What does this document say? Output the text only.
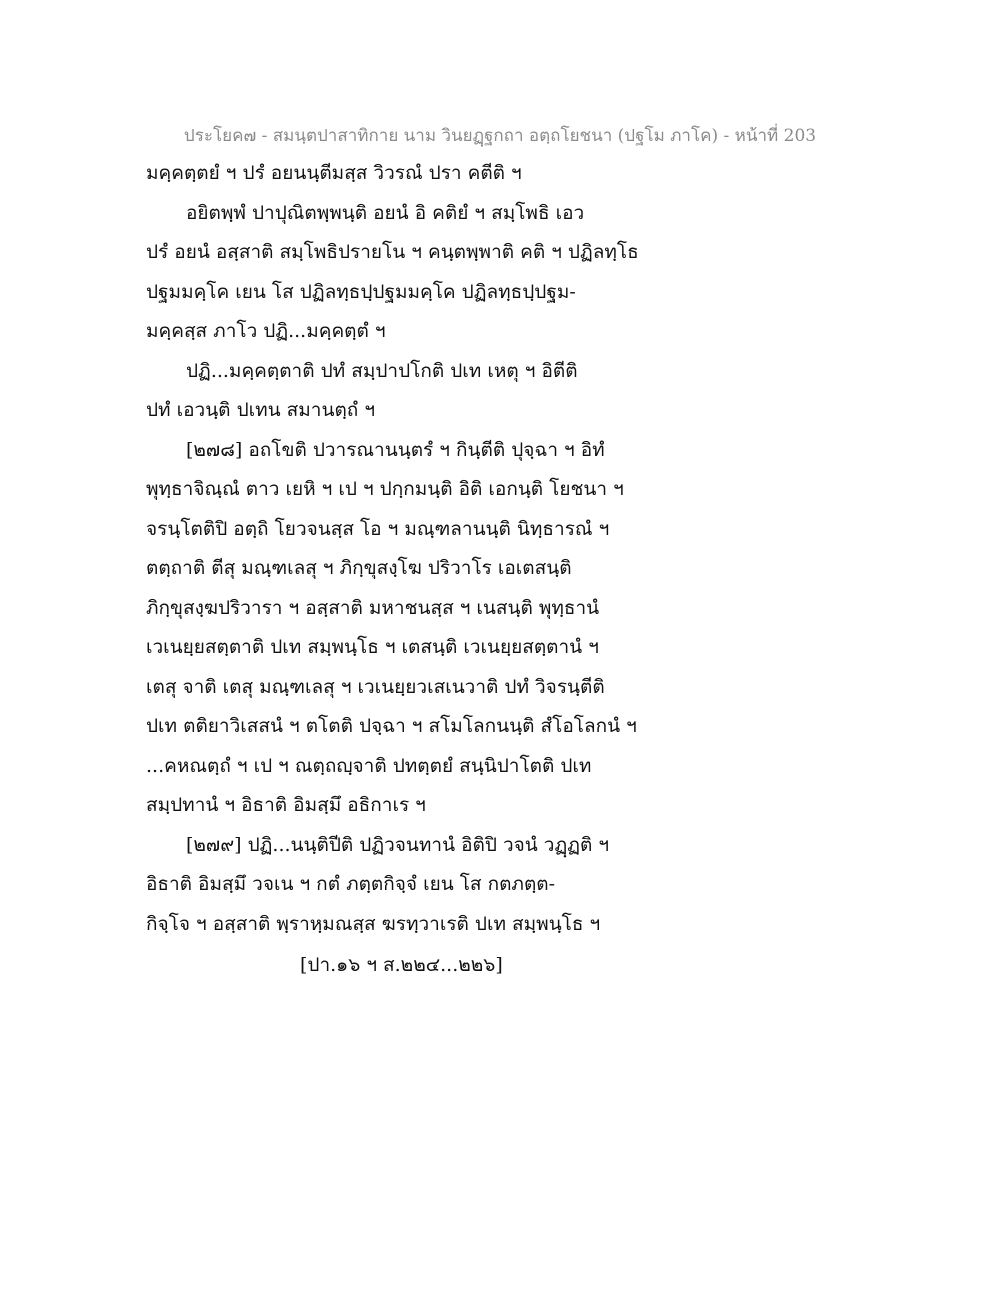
ประโยค๗ - สมนฺตปาสาทิกาย นาม วินยฏฺฐกถา อตฺถโยชนา (ปฐโม ภาโค) - หน้าที่ 203
มคฺคตฺตยํ ฯ ปรํ อยนนฺตีมสฺส วิวรณํ ปรา คตีติ ฯ
อยิตพฺพํ ปาปุณิตพฺพนฺติ อยนํ อิ คติยํ ฯ สมฺโพธิ เอว
ปรํ อยนํ อสฺสาติ สมฺโพธิปรายโน ฯ คนฺตพฺพาติ คติ ฯ ปฏิลทฺโธ
ปฐมมคฺโค เยน โส ปฏิลทฺธปฺปฐมมคฺโค ปฏิลทฺธปฺปฐม-
มคฺคสฺส ภาโว ปฏิ...มคฺคตฺตํ ฯ
ปฏิ...มคฺคตฺตาติ ปทํ สมฺปาปโกติ ปเท เหตุ ฯ อิตีติ
ปทํ เอวนฺติ ปเทน สมานตฺถํ ฯ
[๒๗๘] อถโขติ ปวารณานนฺตรํ ฯ กินฺตีติ ปุจฺฉา ฯ อิทํ
พุทฺธาจิณฺณํ ตาว เยหิ ฯ เป ฯ ปกฺกมนฺติ อิติ เอกนฺติ โยชนา ฯ
จรนฺโตติปิ อตฺถิ โยวจนสฺส โอ ฯ มณฺฑลานนฺติ นิทฺธารณํ ฯ
ตตฺถาติ ตีสุ มณฺฑเลสุ ฯ ภิกฺขุสงฺโฆ ปริวาโร เอเตสนฺติ
ภิกฺขุสงฺฆปริวารา ฯ อสฺสาติ มหาชนสฺส ฯ เนสนฺติ พุทฺธานํ
เวเนยฺยสตฺตาติ ปเท สมฺพนฺโธ ฯ เตสนฺติ เวเนยฺยสตฺตานํ ฯ
เตสุ จาติ เตสุ มณฺฑเลสุ ฯ เวเนยฺยวเสเนวาติ ปทํ วิจรนฺตีติ
ปเท ตติยาวิเสสนํ ฯ ตโตติ ปจฺฉา ฯ สโมโลกนนฺติ สํโอโลกนํ ฯ
...คหณตฺถํ ฯ เป ฯ ณตฺถญฺจาติ ปทตฺตยํ สนฺนิปาโตติ ปเท
สมฺปทานํ ฯ อิธาติ อิมสฺมึ อธิกาเร ฯ
[๒๗๙] ปฏิ...นนฺติปีติ ปฏิวจนทานํ อิติปิ วจนํ วฏฺฏติ ฯ
อิธาติ อิมสฺมึ วจเน ฯ กตํ ภตฺตกิจฺจํ เยน โส กตภตฺต-
กิจฺโจ ฯ อสฺสาติ พฺราหฺมณสฺส ฆรทฺวาเรติ ปเท สมฺพนฺโธ ฯ
[ปา.๑๖ ฯ ส.๒๒๔...๒๒๖]
